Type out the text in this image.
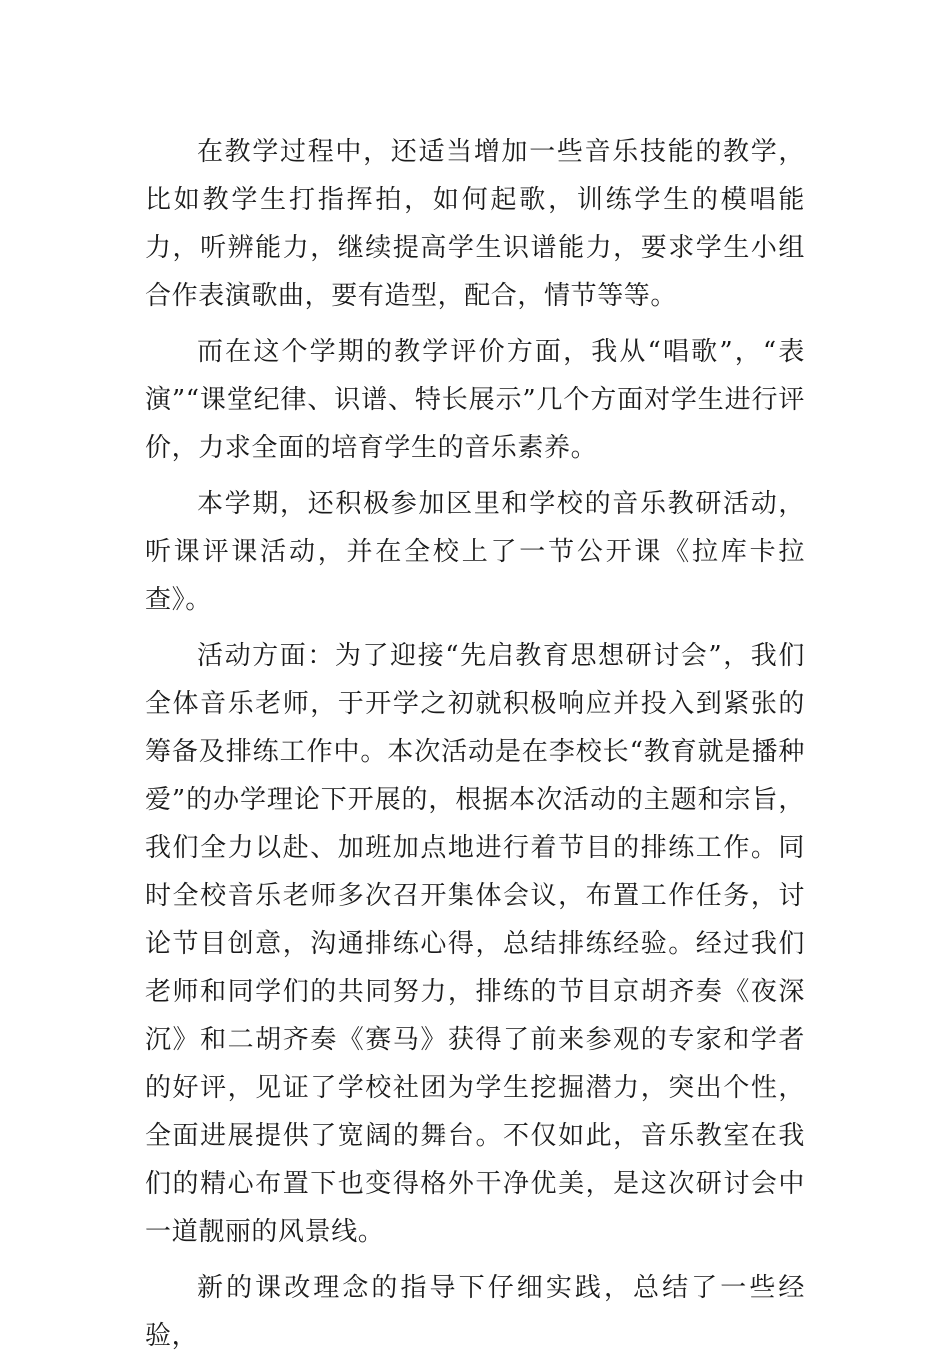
在教学过程中，还适当增加一些音乐技能的教学，比如教学生打指挥拍，如何起歌，训练学生的模唱能力，听辨能力，继续提高学生识谱能力，要求学生小组合作表演歌曲，要有造型，配合，情节等等。

而在这个学期的教学评价方面，我从“唱歌”，“表演”“课堂纪律、识谱、特长展示”几个方面对学生进行评价，力求全面的培育学生的音乐素养。

本学期，还积极参加区里和学校的音乐教研活动，听课评课活动，并在全校上了一节公开课《拉库卡拉查》。

活动方面：为了迎接“先启教育思想研讨会”，我们全体音乐老师，于开学之初就积极响应并投入到紧张的筹备及排练工作中。本次活动是在李校长“教育就是播种爱”的办学理论下开展的，根据本次活动的主题和宗旨，我们全力以赴、加班加点地进行着节目的排练工作。同时全校音乐老师多次召开集体会议，布置工作任务，讨论节目创意，沟通排练心得，总结排练经验。经过我们老师和同学们的共同努力，排练的节目京胡齐奏《夜深沉》和二胡齐奏《赛马》获得了前来参观的专家和学者的好评，见证了学校社团为学生挖掘潜力，突出个性，全面进展提供了宽阔的舞台。不仅如此，音乐教室在我们的精心布置下也变得格外干净优美，是这次研讨会中一道靓丽的风景线。

新的课改理念的指导下仔细实践，总结了一些经验，
